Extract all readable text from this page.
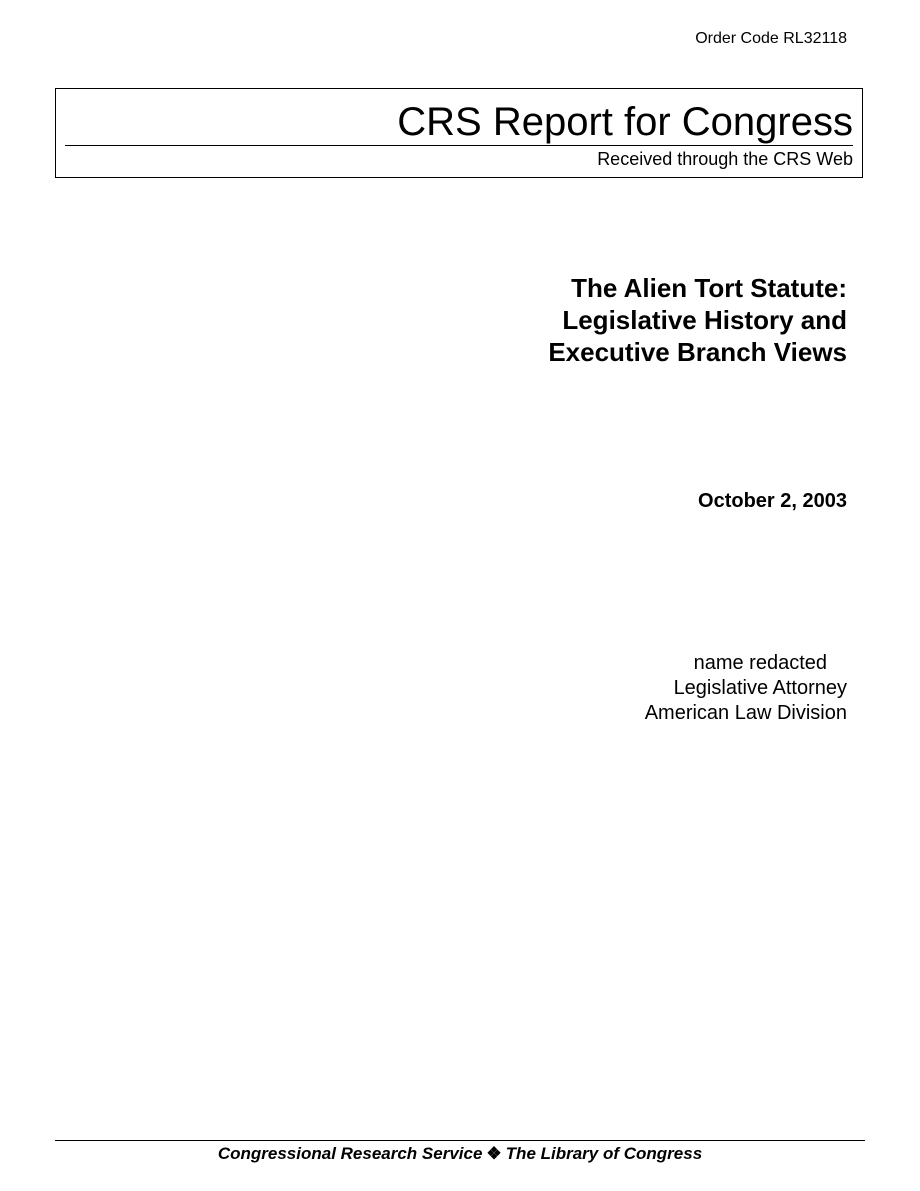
Order Code RL32118
CRS Report for Congress
Received through the CRS Web
The Alien Tort Statute:
Legislative History and
Executive Branch Views
October 2, 2003
name redacted
Legislative Attorney
American Law Division
Congressional Research Service ❖ The Library of Congress
